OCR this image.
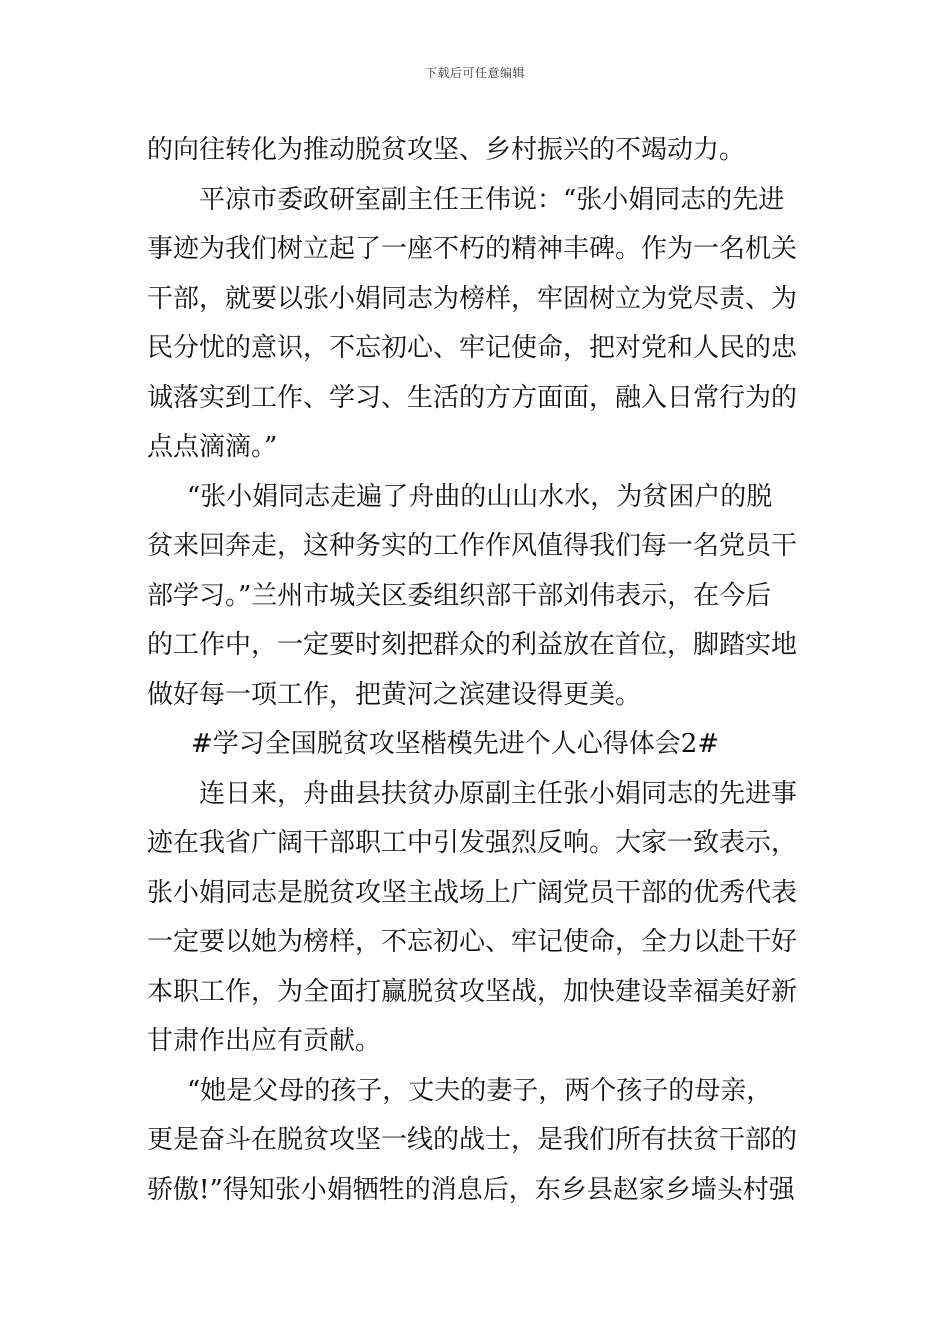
下载后可任意编辑
的向往转化为推动脱贫攻坚、乡村振兴的不竭动力。
平凉市委政研室副主任王伟说：“张小娟同志的先进
事迹为我们树立起了一座不朽的精神丰碑。作为一名机关
干部，就要以张小娟同志为榜样，牢固树立为党尽责、为
民分忧的意识，不忘初心、牢记使命，把对党和人民的忠
诚落实到工作、学习、生活的方方面面，融入日常行为的
点点滴滴。”
“张小娟同志走遍了舟曲的山山水水，为贫困户的脱
贫来回奔走，这种务实的工作作风值得我们每一名党员干
部学习。”兰州市城关区委组织部干部刘伟表示，在今后
的工作中，一定要时刻把群众的利益放在首位，脚踏实地
做好每一项工作，把黄河之滨建设得更美。
#学习全国脱贫攻坚楷模先进个人心得体会2#
连日来，舟曲县扶贫办原副主任张小娟同志的先进事
迹在我省广阔干部职工中引发强烈反响。大家一致表示，
张小娟同志是脱贫攻坚主战场上广阔党员干部的优秀代表
一定要以她为榜样，不忘初心、牢记使命，全力以赴干好
本职工作，为全面打赢脱贫攻坚战，加快建设幸福美好新
甘肃作出应有贡献。
“她是父母的孩子，丈夫的妻子，两个孩子的母亲，
更是奋斗在脱贫攻坚一线的战士，是我们所有扶贫干部的
骄傲!”得知张小娟牺牲的消息后，东乡县赵家乡墙头村强
